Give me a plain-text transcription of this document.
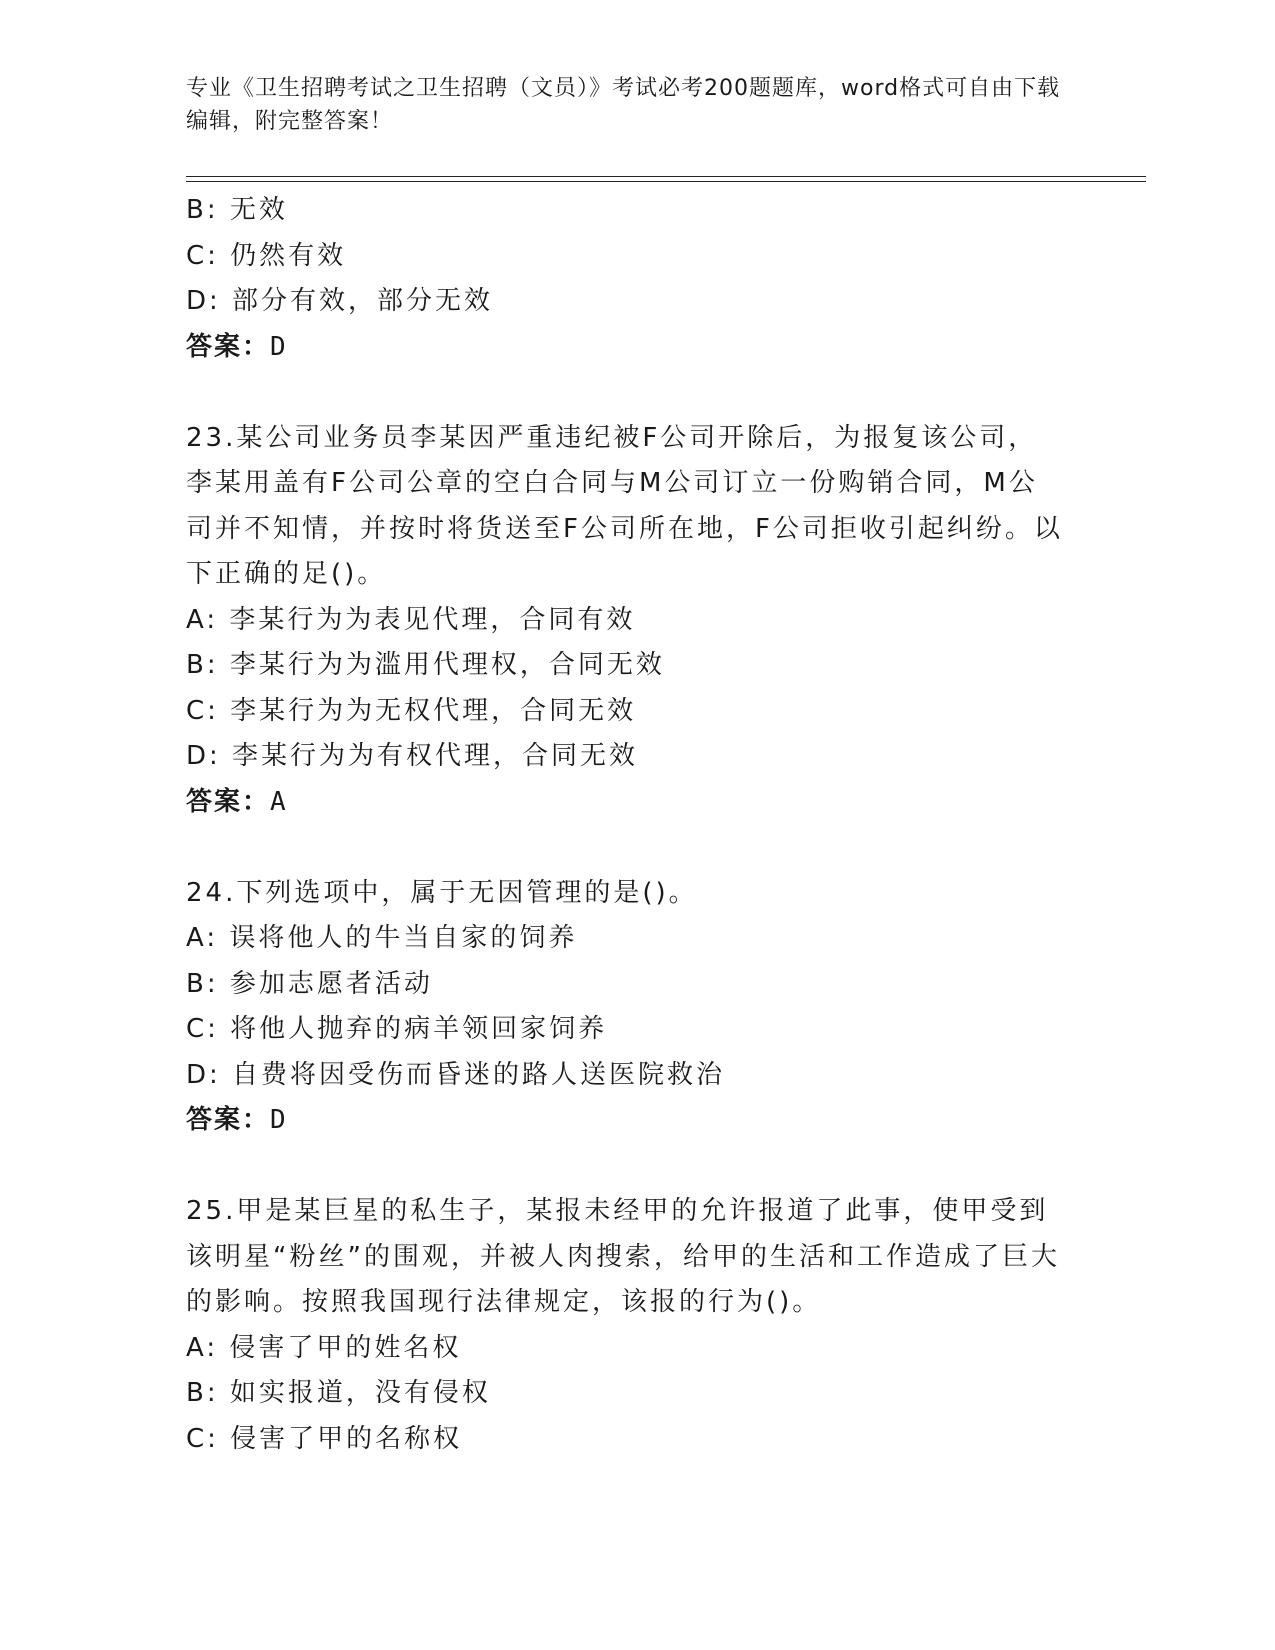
专业《卫生招聘考试之卫生招聘（文员）》考试必考200题题库，word格式可自由下载编辑，附完整答案！
B: 无效
C: 仍然有效
D: 部分有效，部分无效
答案：D
23.某公司业务员李某因严重违纪被F公司开除后，为报复该公司，李某用盖有F公司公章的空白合同与M公司订立一份购销合同，M公司并不知情，并按时将货送至F公司所在地，F公司拒收引起纠纷。以下正确的足()。
A: 李某行为为表见代理，合同有效
B: 李某行为为滥用代理权，合同无效
C: 李某行为为无权代理，合同无效
D: 李某行为为有权代理，合同无效
答案：A
24.下列选项中，属于无因管理的是()。
A: 误将他人的牛当自家的饲养
B: 参加志愿者活动
C: 将他人抛弃的病羊领回家饲养
D: 自费将因受伤而昏迷的路人送医院救治
答案：D
25.甲是某巨星的私生子，某报未经甲的允许报道了此事，使甲受到该明星“粉丝”的围观，并被人肉搜索，给甲的生活和工作造成了巨大的影响。按照我国现行法律规定，该报的行为()。
A: 侵害了甲的姓名权
B: 如实报道，没有侵权
C: 侵害了甲的名称权
